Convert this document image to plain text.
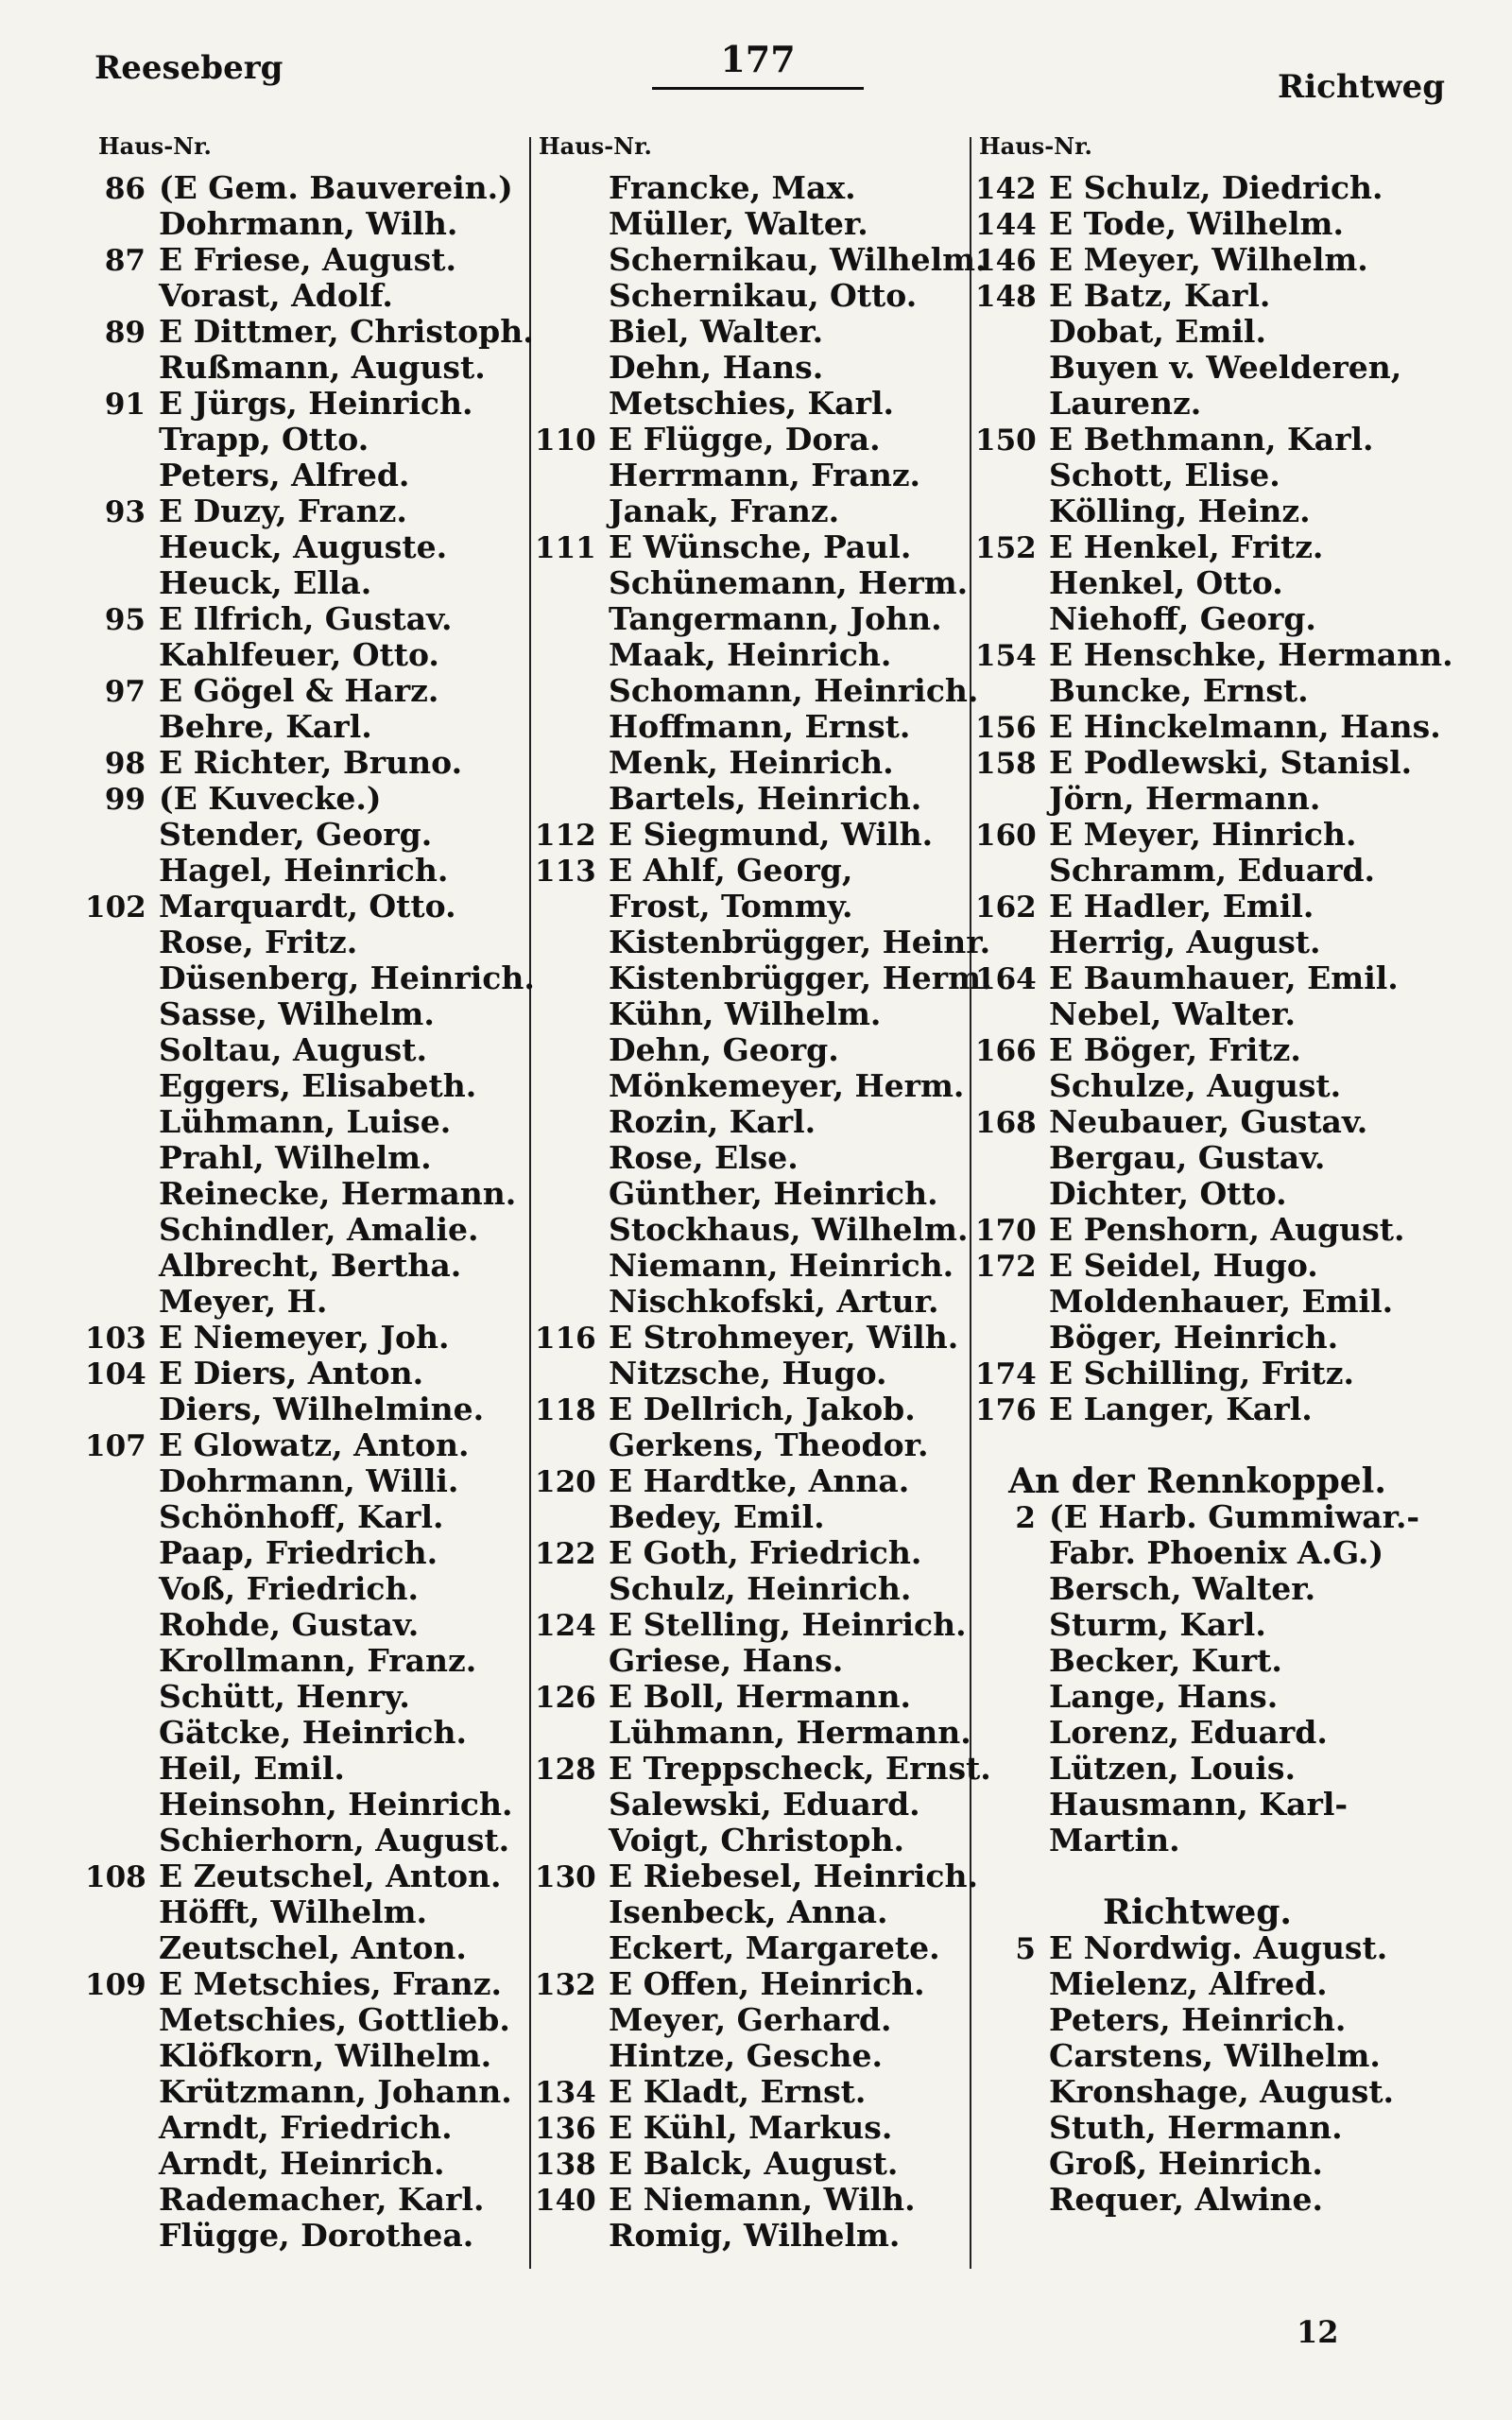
Reeseberg	177
Richtweg
Haus-Nr.	Haus-Nr.	Haus-Nr.
86 (E Gem. Bauverein.)
Dohrmann, Wilh.
87 E Friese, August.
Vorast, Adolf.
89 E Dittmer, Christoph.
Rußmann, August.
91 E Jürgs, Heinrich.
Trapp, Otto.
Peters, Alfred.
93 E Duzy, Franz.
Heuck, Auguste.
Heuck, Ella.
95 E Ilfrich, Gustav.
Kahlfeuer, Otto.
97 E Gögel & Harz.
Behre, Karl.
98 E Richter, Bruno.
99 (E Kuvecke.)
Stender, Georg.
Hagel, Heinrich.
102 Marquardt, Otto.
Rose, Fritz.
Düsenberg, Heinrich.
Sasse, Wilhelm.
Soltau, August.
Eggers, Elisabeth.
Lühmann, Luise.
Prahl, Wilhelm.
Reinecke, Hermann.
Schindler, Amalie.
Albrecht, Bertha.
Meyer, H.
103 E Niemeyer, Joh.
104 E Diers, Anton.
Diers, Wilhelmine.
107 E Glowatz, Anton.
Dohrmann, Willi.
Schönhoff, Karl.
Paap, Friedrich.
Voß, Friedrich.
Rohde, Gustav.
Krollmann, Franz.
Schütt, Henry.
Gätcke, Heinrich.
Heil, Emil.
Heinsohn, Heinrich.
Schierhorn, August.
108 E Zeutschel, Anton.
Höfft, Wilhelm.
Zeutschel, Anton.
109 E Metschies, Franz.
Metschies, Gottlieb.
Klöfkorn, Wilhelm.
Krützmann, Johann.
Arndt, Friedrich.
Arndt, Heinrich.
Rademacher, Karl.
Flügge, Dorothea.
Francke, Max.
Müller, Walter.
Schernikau, Wilhelm.
Schernikau, Otto.
Biel, Walter.
Dehn, Hans.
Metschies, Karl.
110 E Flügge, Dora.
Herrmann, Franz.
Janak, Franz.
111 E Wünsche, Paul.
Schünemann, Herm.
Tangermann, John.
Maak, Heinrich.
Schomann, Heinrich.
Hoffmann, Ernst.
Menk, Heinrich.
Bartels, Heinrich.
112 E Siegmund, Wilh.
113 E Ahlf, Georg,
Frost, Tommy.
Kistenbrügger, Heinr.
Kistenbrügger, Herm.
Kühn, Wilhelm.
Dehn, Georg.
Mönkemeyer, Herm.
Rozin, Karl.
Rose, Else.
Günther, Heinrich.
Stockhaus, Wilhelm.
Niemann, Heinrich.
Nischkofski, Artur.
116 E Strohmeyer, Wilh.
Nitzsche, Hugo.
118 E Dellrich, Jakob.
Gerkens, Theodor.
120 E Hardtke, Anna.
Bedey, Emil.
122 E Goth, Friedrich.
Schulz, Heinrich.
124 E Stelling, Heinrich.
Griese, Hans.
126 E Boll, Hermann.
Lühmann, Hermann.
128 E Treppscheck, Ernst.
Salewski, Eduard.
Voigt, Christoph.
130 E Riebesel, Heinrich.
Isenbeck, Anna.
Eckert, Margarete.
132 E Offen, Heinrich.
Meyer, Gerhard.
Hintze, Gesche.
134 E Kladt, Ernst.
136 E Kühl, Markus.
138 E Balck, August.
140 E Niemann, Wilh.
Romig, Wilhelm.
142 E Schulz, Diedrich.
144 E Tode, Wilhelm.
146 E Meyer, Wilhelm.
148 E Batz, Karl.
Dobat, Emil.
Buyen v. Weelderen,
Laurenz.
150 E Bethmann, Karl.
Schott, Elise.
Kölling, Heinz.
152 E Henkel, Fritz.
Henkel, Otto.
Niehoff, Georg.
154 E Henschke, Hermann.
Buncke, Ernst.
156 E Hinckelmann, Hans.
158 E Podlewski, Stanisl.
Jörn, Hermann.
160 E Meyer, Hinrich.
Schramm, Eduard.
162 E Hadler, Emil.
Herrig, August.
164 E Baumhauer, Emil.
Nebel, Walter.
166 E Böger, Fritz.
Schulze, August.
168 Neubauer, Gustav.
Bergau, Gustav.
Dichter, Otto.
170 E Penshorn, August.
172 E Seidel, Hugo.
Moldenhauer, Emil.
Böger, Heinrich.
174 E Schilling, Fritz.
176 E Langer, Karl.
An der Rennkoppel.
2 (E Harb. Gummiwar.-
Fabr. Phoenix A.G.)
Bersch, Walter.
Sturm, Karl.
Becker, Kurt.
Lange, Hans.
Lorenz, Eduard.
Lützen, Louis.
Hausmann, Karl-
Martin.
Richtweg.
5 E Nordwig. August.
Mielenz, Alfred.
Peters, Heinrich.
Carstens, Wilhelm.
Kronshage, August.
Stuth, Hermann.
Groß, Heinrich.
Requer, Alwine.
12
